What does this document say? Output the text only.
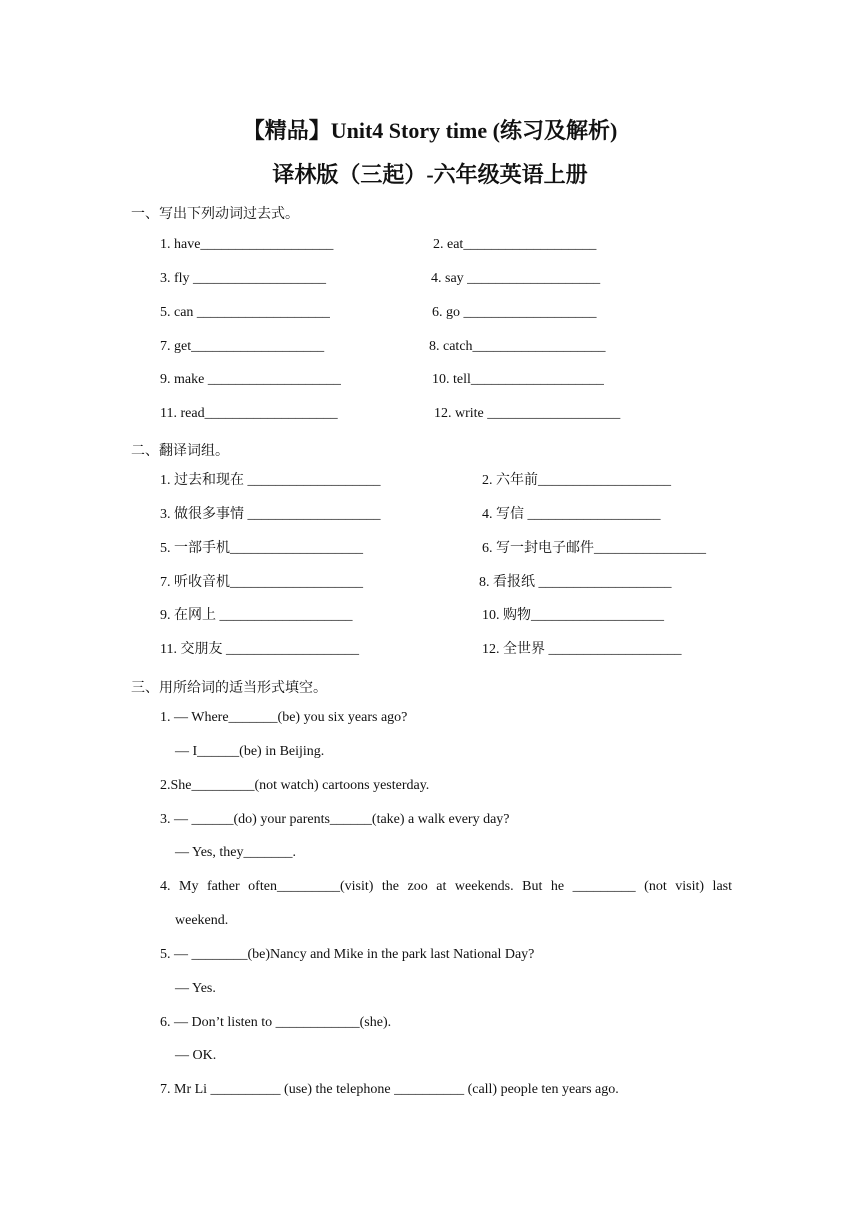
【精品】Unit4 Story time (练习及解析)
译林版（三起）-六年级英语上册
一、写出下列动词过去式。
1. have___________________	2. eat___________________
3. fly ___________________	4. say ___________________
5. can ___________________	6. go ___________________
7. get___________________	8. catch___________________
9. make ___________________	10. tell___________________
11. read___________________	12. write ___________________
二、翻译词组。
1. 过去和现在 ___________________	2. 六年前___________________
3. 做很多事情 ___________________	4. 写信 ___________________
5. 一部手机___________________	6. 写一封电子邮件________________
7. 听收音机___________________	8. 看报纸 ___________________
9. 在网上 ___________________	10. 购物___________________
11. 交朋友 ___________________	12. 全世界 ___________________
三、用所给词的适当形式填空。
1. — Where_______(be) you six years ago?
— I______(be) in Beijing.
2.She_________(not watch) cartoons yesterday.
3. — ______(do) your parents______(take) a walk every day?
— Yes, they_______.
4. My father often_________(visit) the zoo at weekends. But he _________ (not visit) last
weekend.
5. — ________(be)Nancy and Mike in the park last National Day?
— Yes.
6. — Don’t listen to ____________(she).
— OK.
7. Mr Li __________ (use) the telephone __________ (call) people ten years ago.
